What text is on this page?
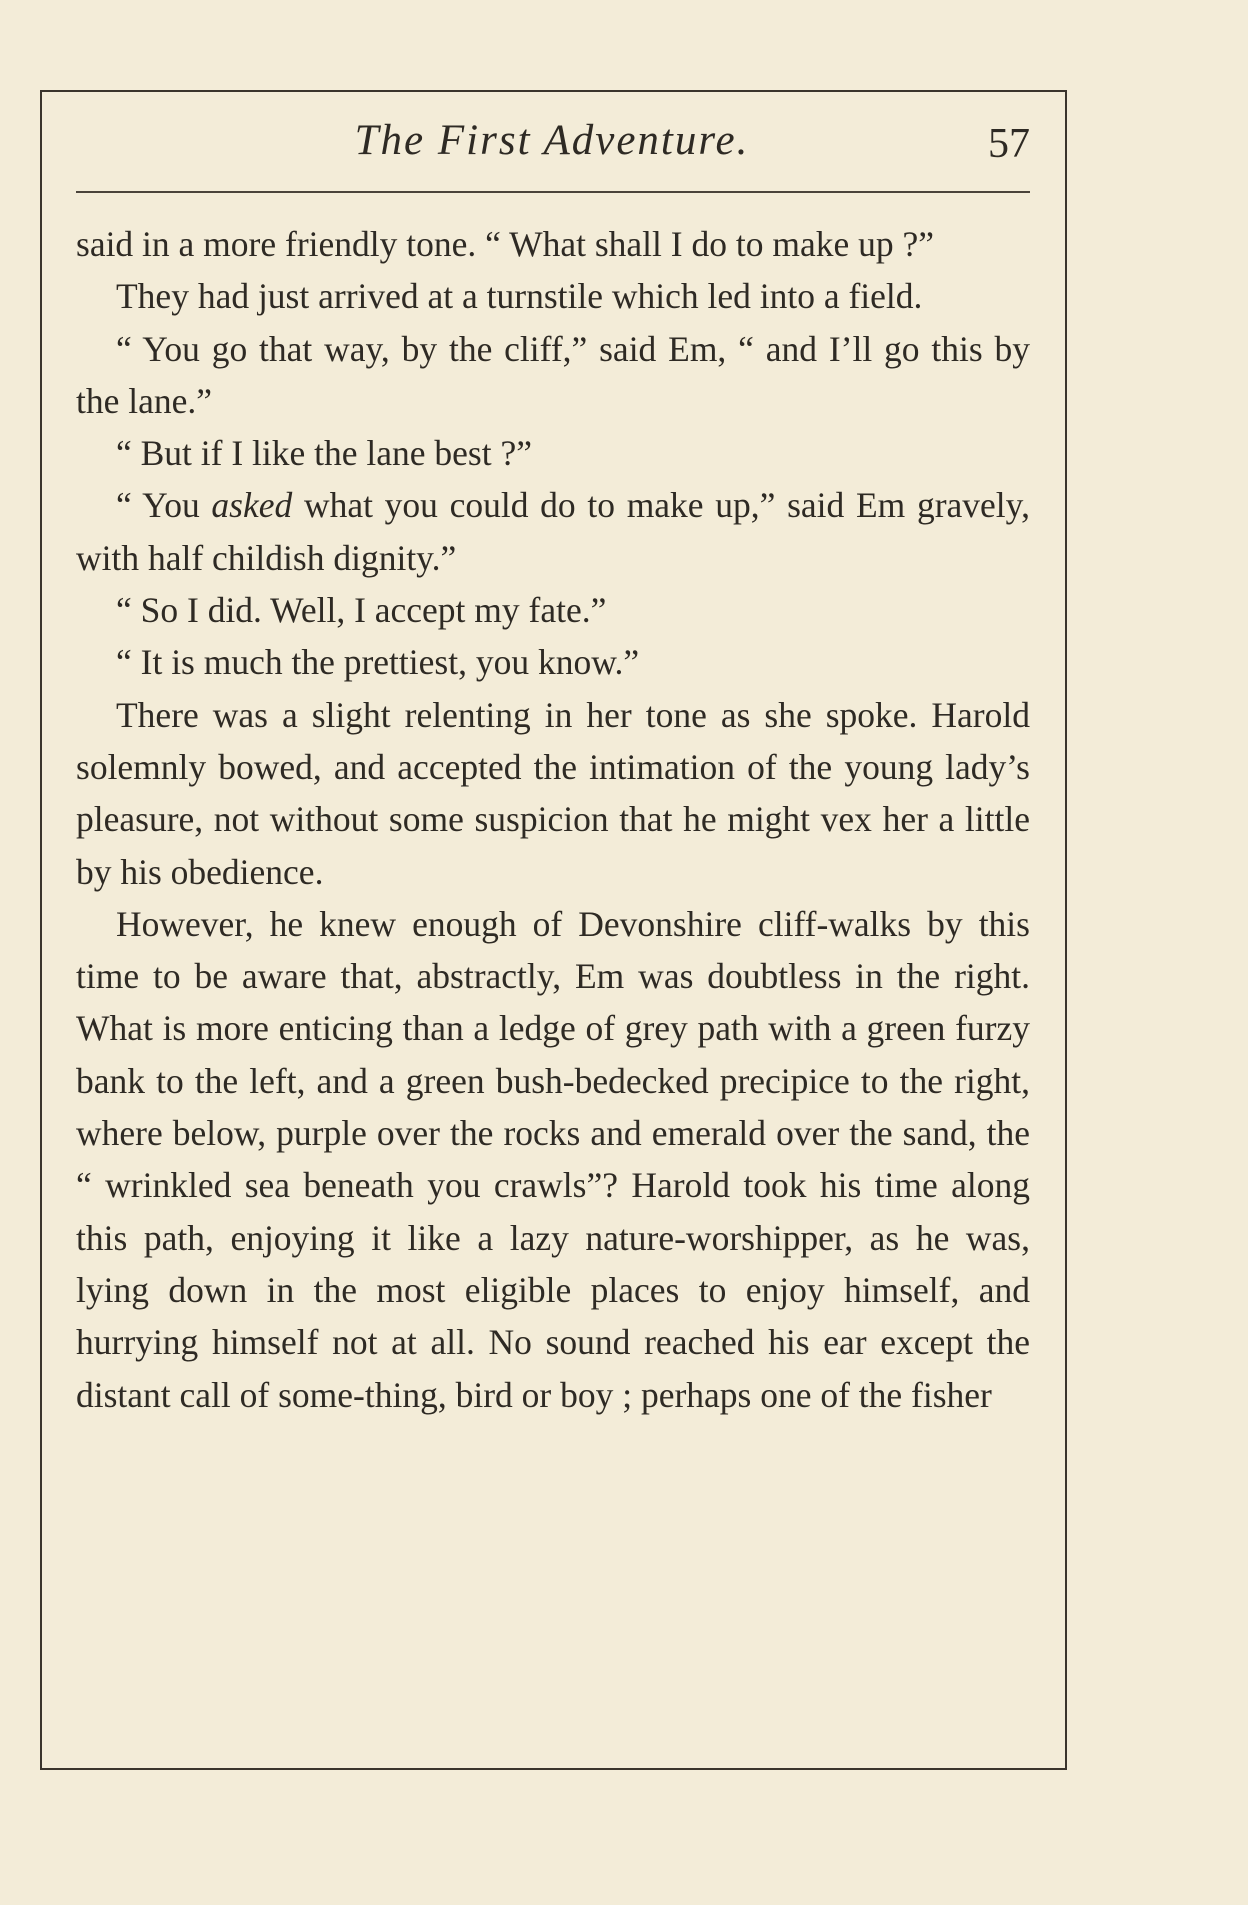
The First Adventure.	57

said in a more friendly tone. “ What shall I do to make up ?”

They had just arrived at a turnstile which led into a field.

“ You go that way, by the cliff,” said Em, “ and I’ll go this by the lane.”

“ But if I like the lane best ?”

“ You asked what you could do to make up,” said Em gravely, with half childish dignity.”

“ So I did. Well, I accept my fate.”

“ It is much the prettiest, you know.”

There was a slight relenting in her tone as she spoke. Harold solemnly bowed, and accepted the intimation of the young lady’s pleasure, not without some suspicion that he might vex her a little by his obedience.

However, he knew enough of Devonshire cliff-walks by this time to be aware that, abstractly, Em was doubtless in the right. What is more enticing than a ledge of grey path with a green furzy bank to the left, and a green bush-bedecked precipice to the right, where below, purple over the rocks and emerald over the sand, the “ wrinkled sea beneath you crawls”? Harold took his time along this path, enjoying it like a lazy nature-worshipper, as he was, lying down in the most eligible places to enjoy himself, and hurrying himself not at all. No sound reached his ear except the distant call of some-thing, bird or boy ; perhaps one of the fisher
